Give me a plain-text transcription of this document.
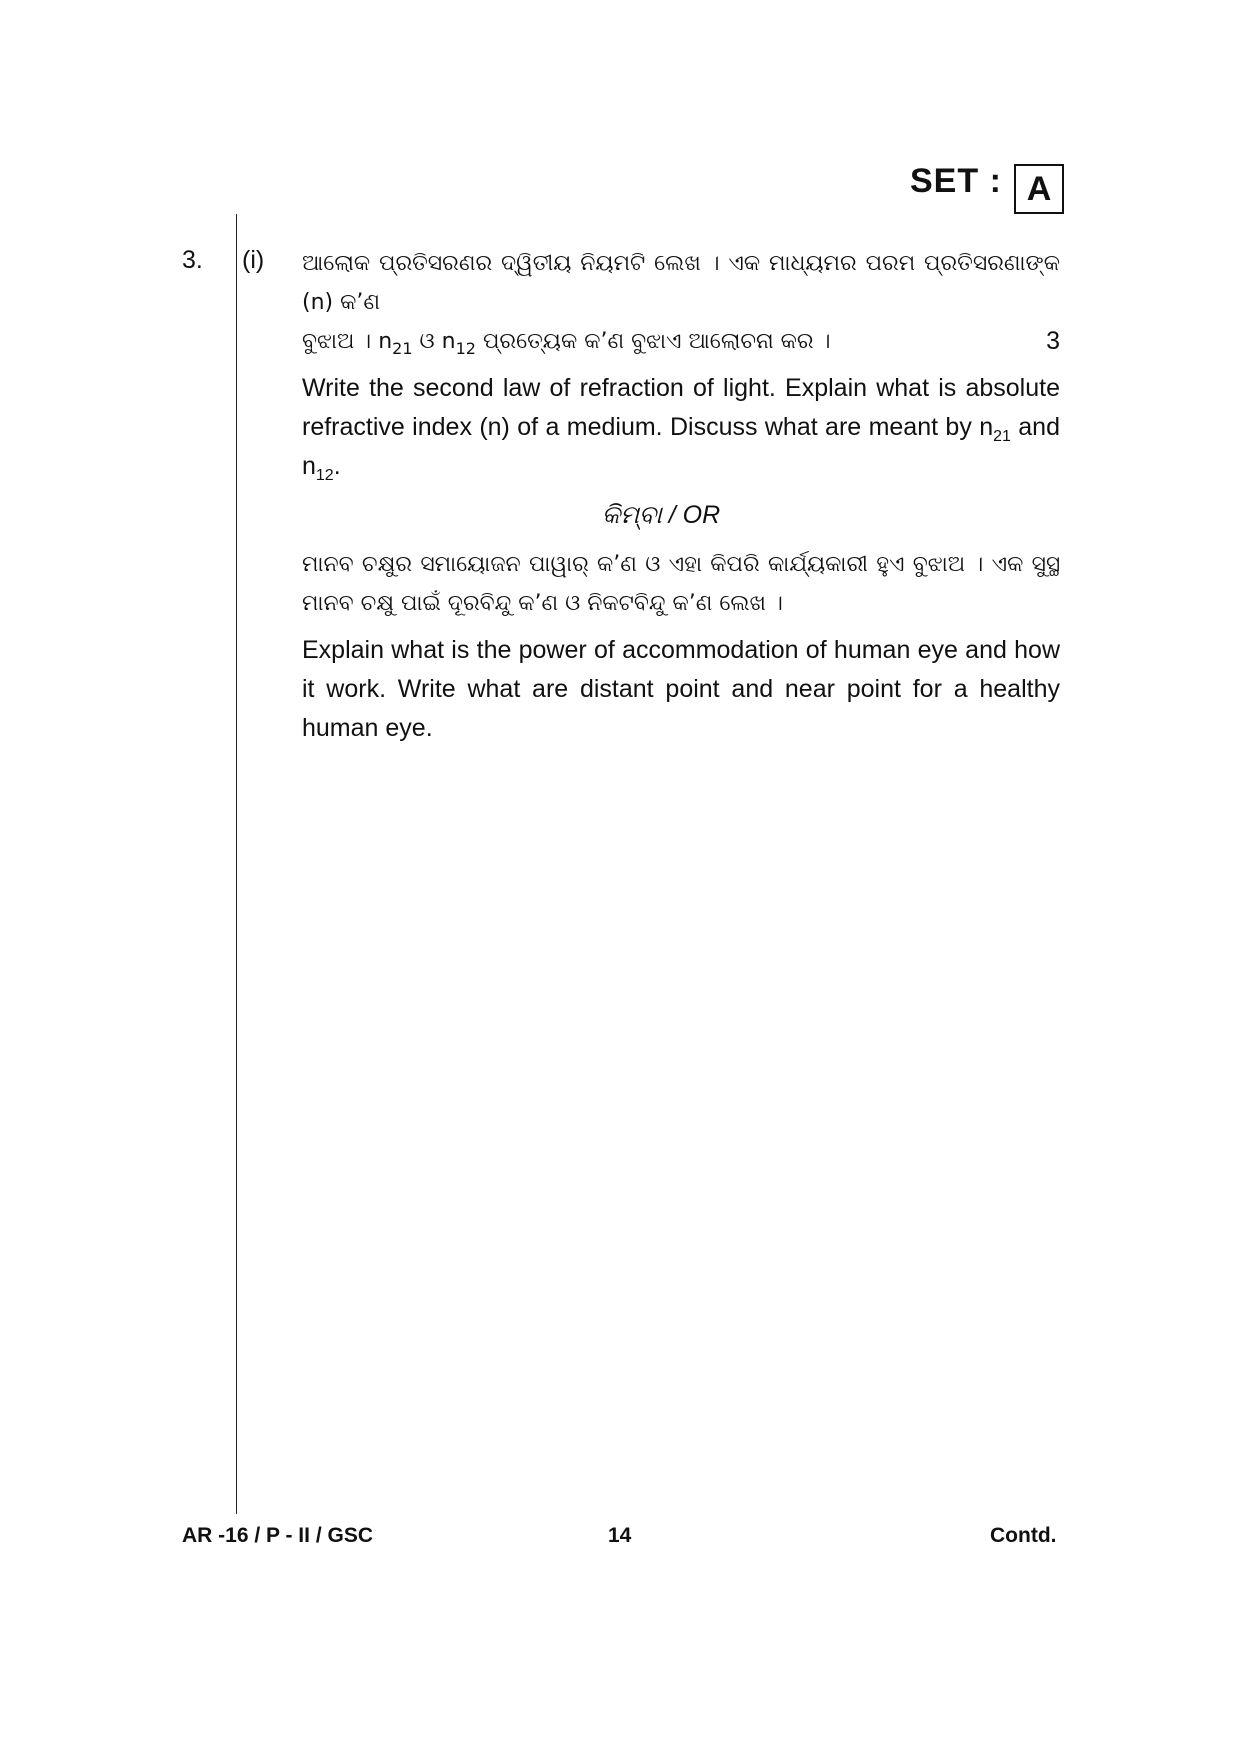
SET : A
3. (i) ଆଲୋକ ପ୍ରତିସରଣର ଦ୍ୱିତୀୟ ନିୟମଟି ଲେଖ । ଏକ ମାଧ୍ୟମର ପରମ ପ୍ରତିସରଣାଙ୍କ (n) କ’ଣ
ବୁଝାଅ । $n_{21}$ ଓ $n_{12}$ ପ୍ରତ୍ୟେକ କ’ଣ ବୁଝାଏ ଆଲୋଚନା କର ।	3
Write the second law of refraction of light. Explain what is absolute refractive index (n) of a medium. Discuss what are meant by $n_{21}$ and $n_{12}$.
କିମ୍ବା / OR
ମାନବ ଚକ୍ଷୁର ସମାୟୋଜନ ପାୱାର୍ କ’ଣ ଓ ଏହା କିପରି କାର୍ଯ୍ୟକାରୀ ହୁଏ ବୁଝାଅ । ଏକ ସୁସ୍ଥ ମାନବ ଚକ୍ଷୁ ପାଇଁ ଦୂରବିନ୍ଦୁ କ’ଣ ଓ ନିକଟବିନ୍ଦୁ କ’ଣ ଲେଖ ।
Explain what is the power of accommodation of human eye and how it work. Write what are distant point and near point for a healthy human eye.
AR -16 / P - II / GSC	14	Contd.
